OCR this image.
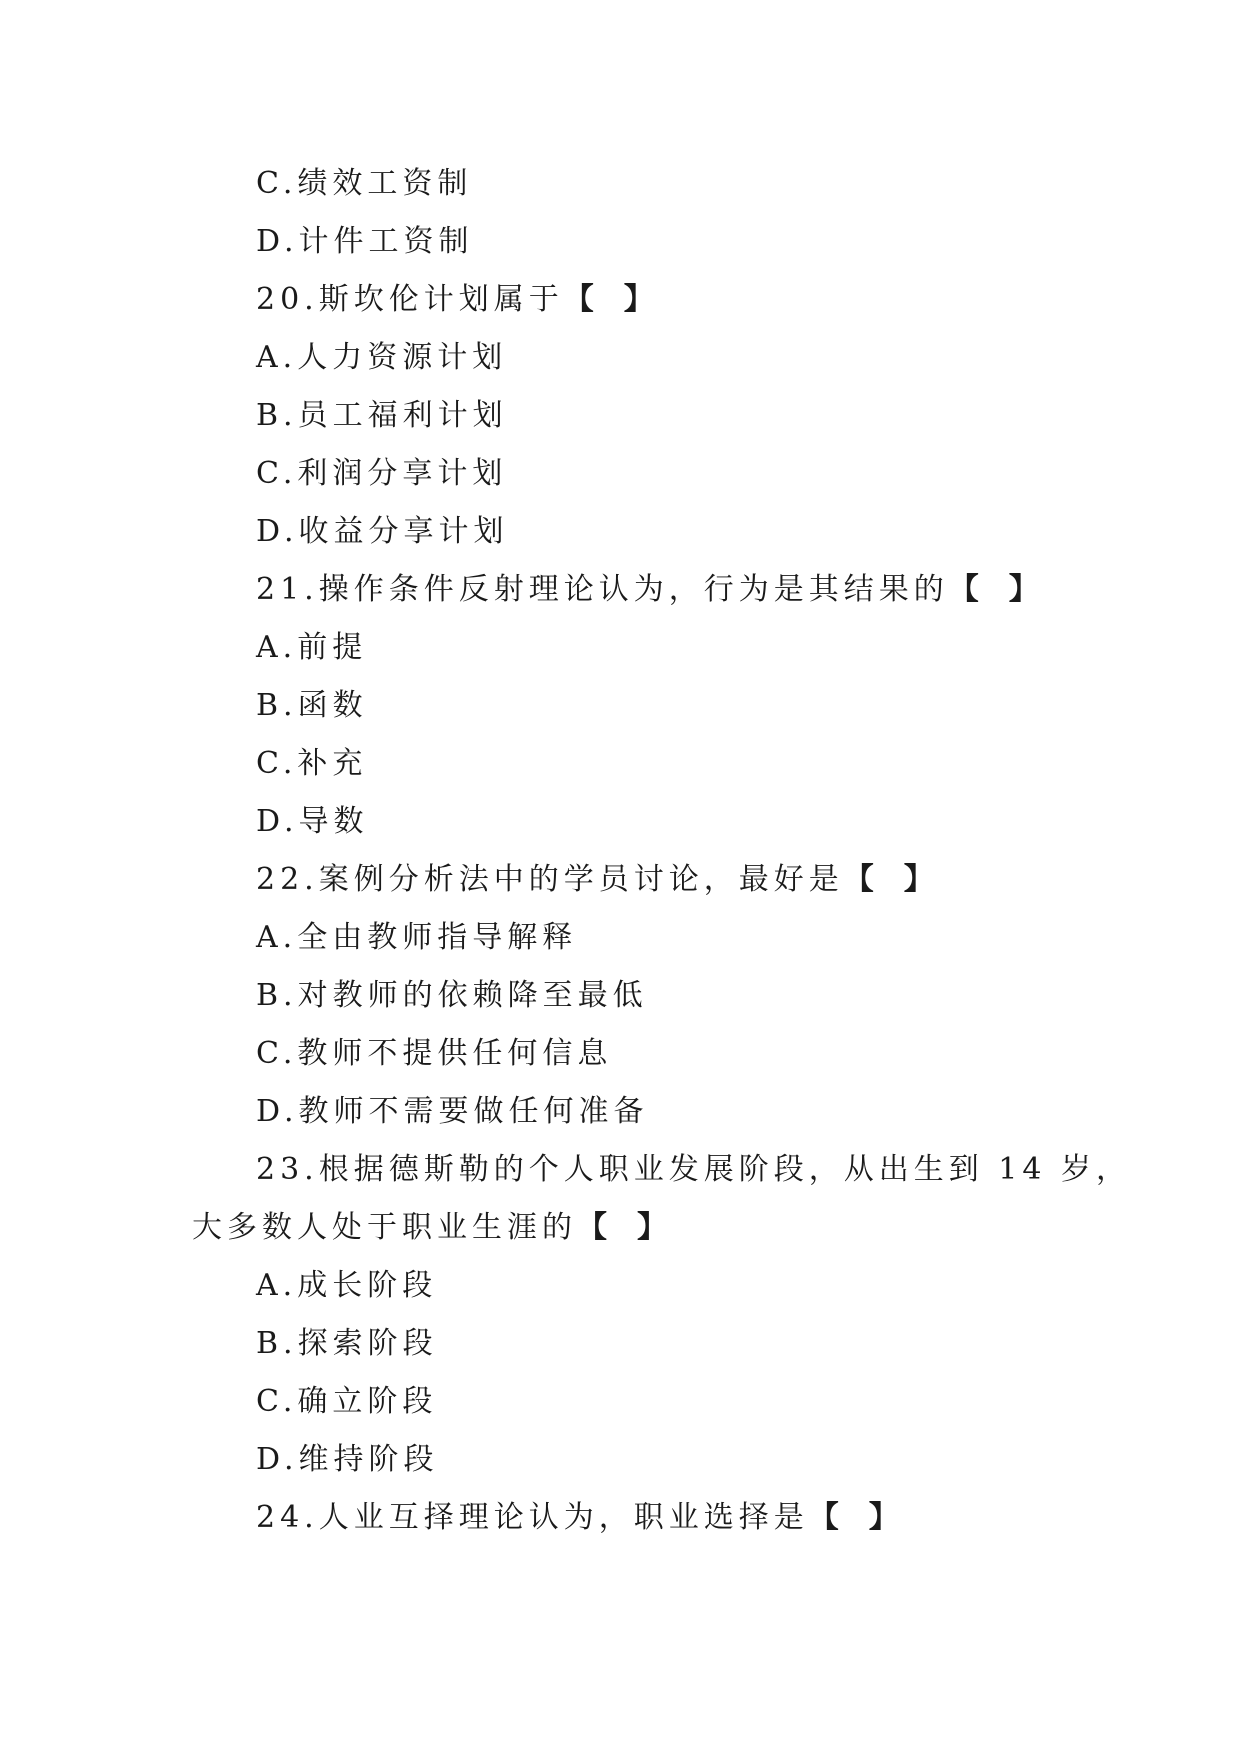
C.绩效工资制
D.计件工资制
20.斯坎伦计划属于【　】
A.人力资源计划
B.员工福利计划
C.利润分享计划
D.收益分享计划
21.操作条件反射理论认为，行为是其结果的【　】
A.前提
B.函数
C.补充
D.导数
22.案例分析法中的学员讨论，最好是【　】
A.全由教师指导解释
B.对教师的依赖降至最低
C.教师不提供任何信息
D.教师不需要做任何准备
23.根据德斯勒的个人职业发展阶段，从出生到 14 岁，
大多数人处于职业生涯的【　】
A.成长阶段
B.探索阶段
C.确立阶段
D.维持阶段
24.人业互择理论认为，职业选择是【　】
